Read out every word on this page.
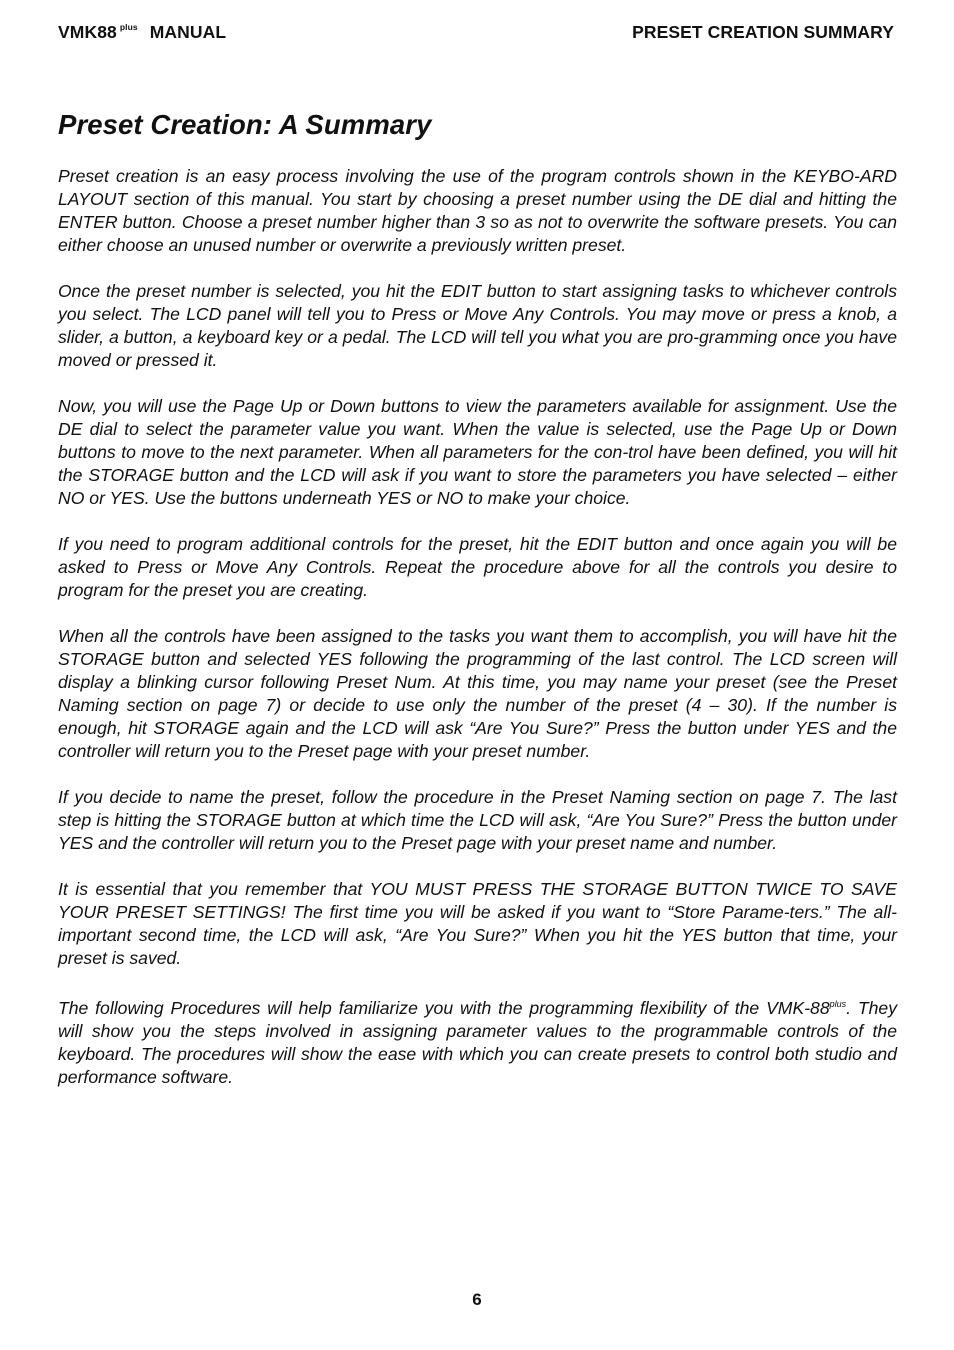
VMK88 $^{plus}$ MANUAL	PRESET CREATION SUMMARY
Preset Creation: A Summary

Preset creation is an easy process involving the use of the program controls shown in the KEYBO-ARD LAYOUT section of this manual. You start by choosing a preset number using the DE dial and hitting the ENTER button. Choose a preset number higher than 3 so as not to overwrite the software presets. You can either choose an unused number or overwrite a previously written preset.

Once the preset number is selected, you hit the EDIT button to start assigning tasks to whichever controls you select. The LCD panel will tell you to Press or Move Any Controls. You may move or press a knob, a slider, a button, a keyboard key or a pedal. The LCD will tell you what you are pro-gramming once you have moved or pressed it.

Now, you will use the Page Up or Down buttons to view the parameters available for assignment. Use the DE dial to select the parameter value you want. When the value is selected, use the Page Up or Down buttons to move to the next parameter. When all parameters for the con-trol have been defined, you will hit the STORAGE button and the LCD will ask if you want to store the parameters you have selected – either NO or YES. Use the buttons underneath YES or NO to make your choice.

If you need to program additional controls for the preset, hit the EDIT button and once again you will be asked to Press or Move Any Controls. Repeat the procedure above for all the controls you desire to program for the preset you are creating.

When all the controls have been assigned to the tasks you want them to accomplish, you will have hit the STORAGE button and selected YES following the programming of the last control. The LCD screen will display a blinking cursor following Preset Num. At this time, you may name your preset (see the Preset Naming section on page 7) or decide to use only the number of the preset (4 – 30). If the number is enough, hit STORAGE again and the LCD will ask “Are You Sure?” Press the button under YES and the controller will return you to the Preset page with your preset number.

If you decide to name the preset, follow the procedure in the Preset Naming section on page 7. The last step is hitting the STORAGE button at which time the LCD will ask, “Are You Sure?” Press the button under YES and the controller will return you to the Preset page with your preset name and number.

It is essential that you remember that YOU MUST PRESS THE STORAGE BUTTON TWICE TO SAVE YOUR PRESET SETTINGS! The first time you will be asked if you want to “Store Parame-ters.” The all-important second time, the LCD will ask, “Are You Sure?” When you hit the YES button that time, your preset is saved.

The following Procedures will help familiarize you with the programming flexibility of the VMK-$88^{plus}$. They will show you the steps involved in assigning parameter values to the programmable controls of the keyboard. The procedures will show the ease with which you can create presets to control both studio and performance software.

6
